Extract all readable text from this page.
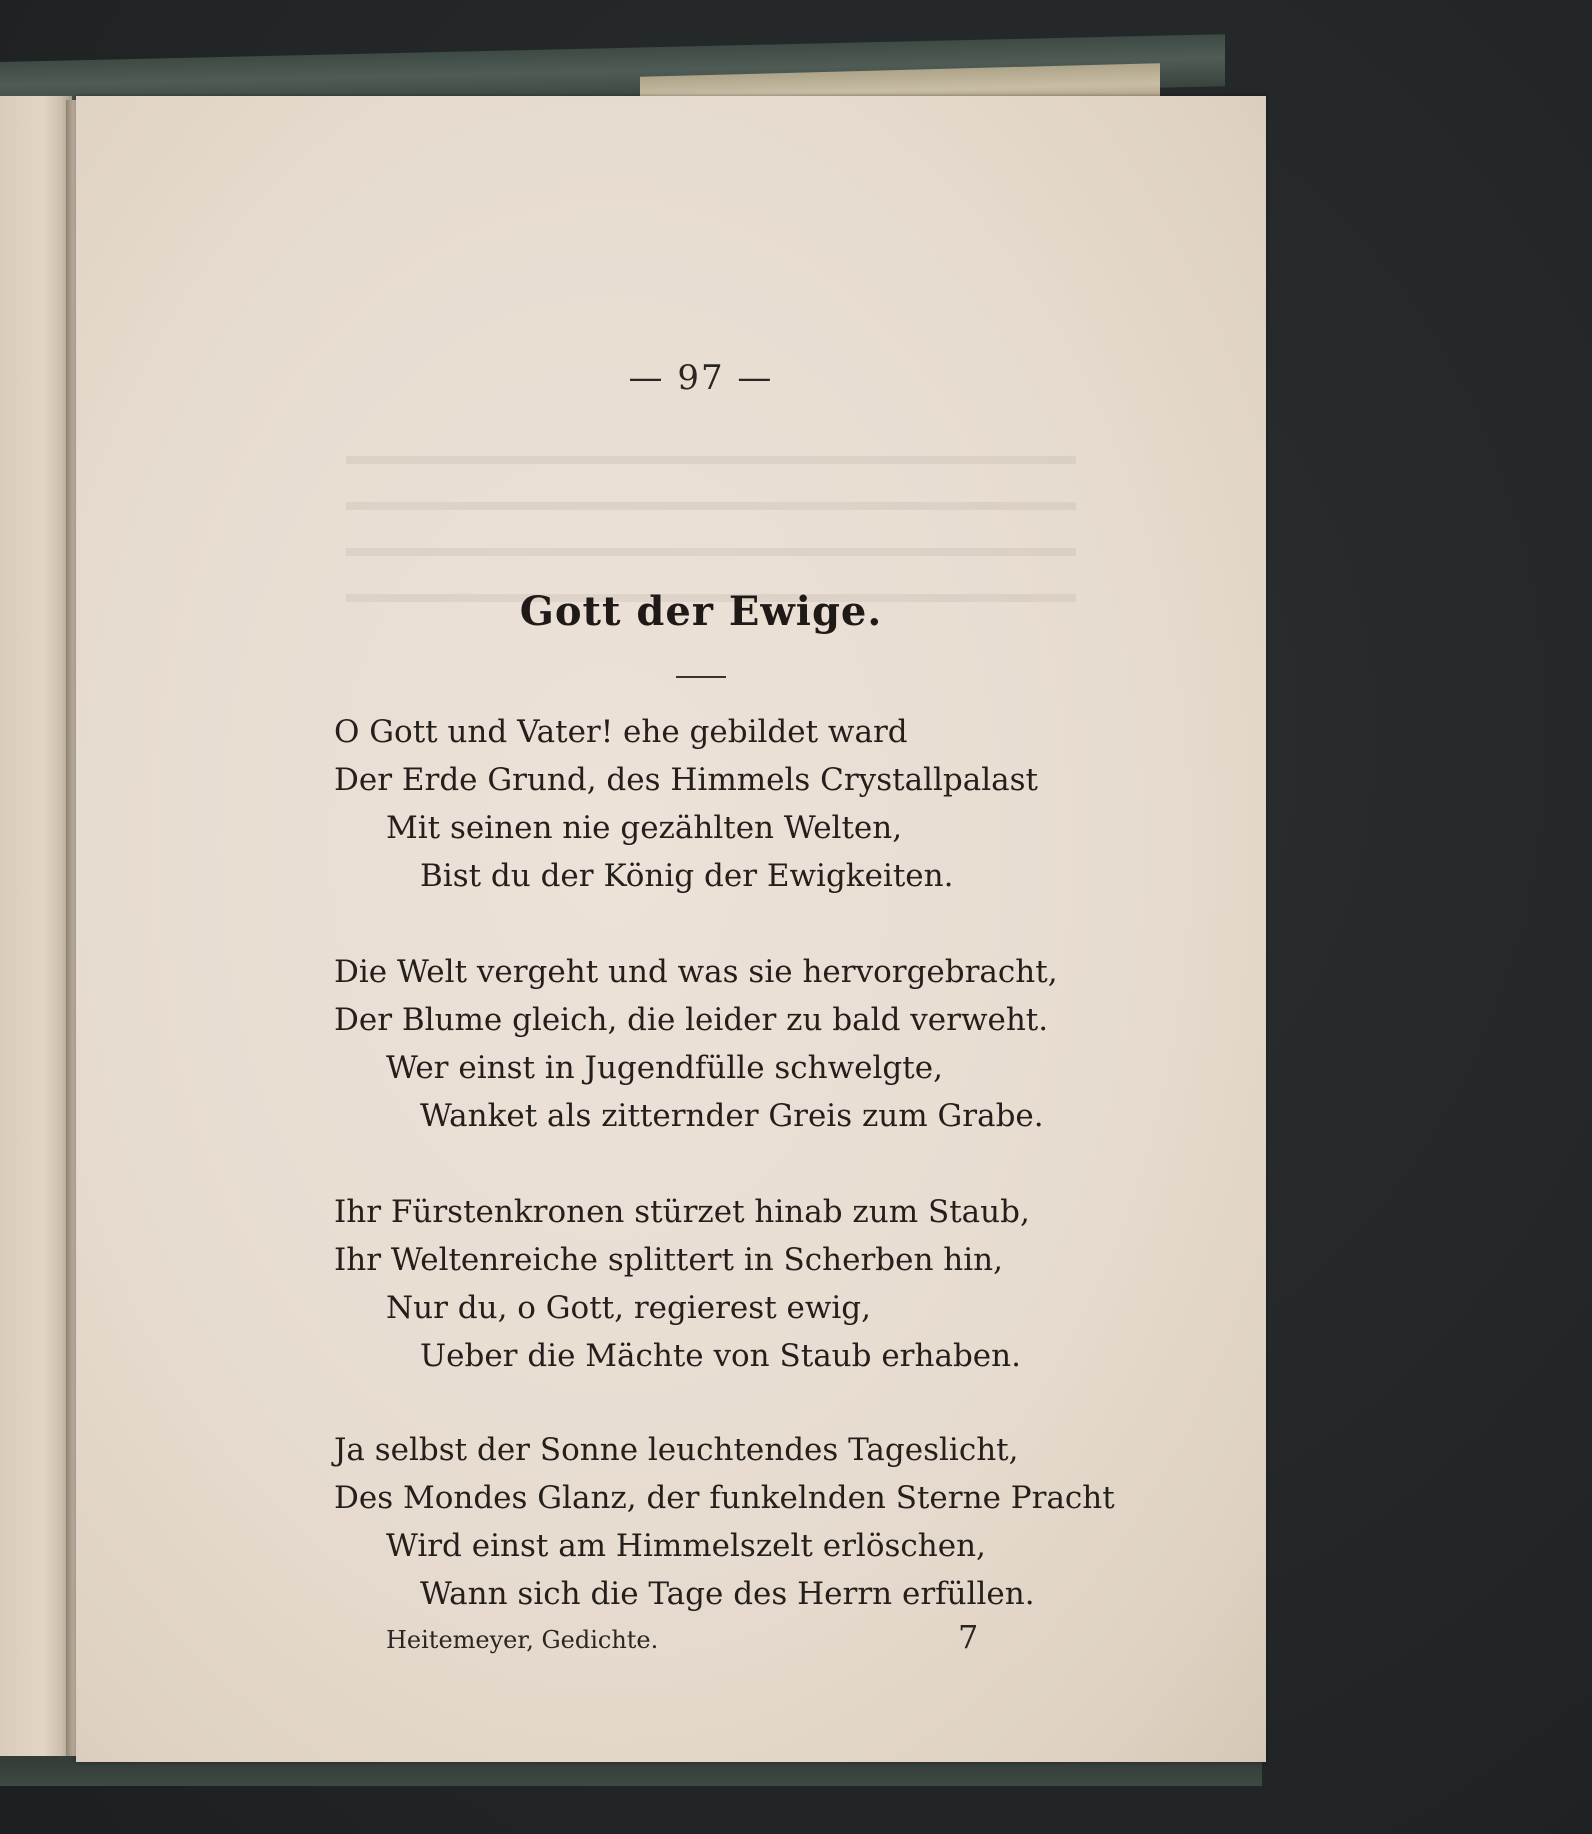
— 97 —
Gott der Ewige.
O Gott und Vater! ehe gebildet ward
Der Erde Grund, des Himmels Crystallpalast
Mit seinen nie gezählten Welten,
Bist du der König der Ewigkeiten.
Die Welt vergeht und was sie hervorgebracht,
Der Blume gleich, die leider zu bald verweht.
Wer einst in Jugendfülle schwelgte,
Wanket als zitternder Greis zum Grabe.
Ihr Fürstenkronen stürzet hinab zum Staub,
Ihr Weltenreiche splittert in Scherben hin,
Nur du, o Gott, regierest ewig,
Ueber die Mächte von Staub erhaben.
Ja selbst der Sonne leuchtendes Tageslicht,
Des Mondes Glanz, der funkelnden Sterne Pracht
Wird einst am Himmelszelt erlöschen,
Wann sich die Tage des Herrn erfüllen.
Heitemeyer, Gedichte.	7
